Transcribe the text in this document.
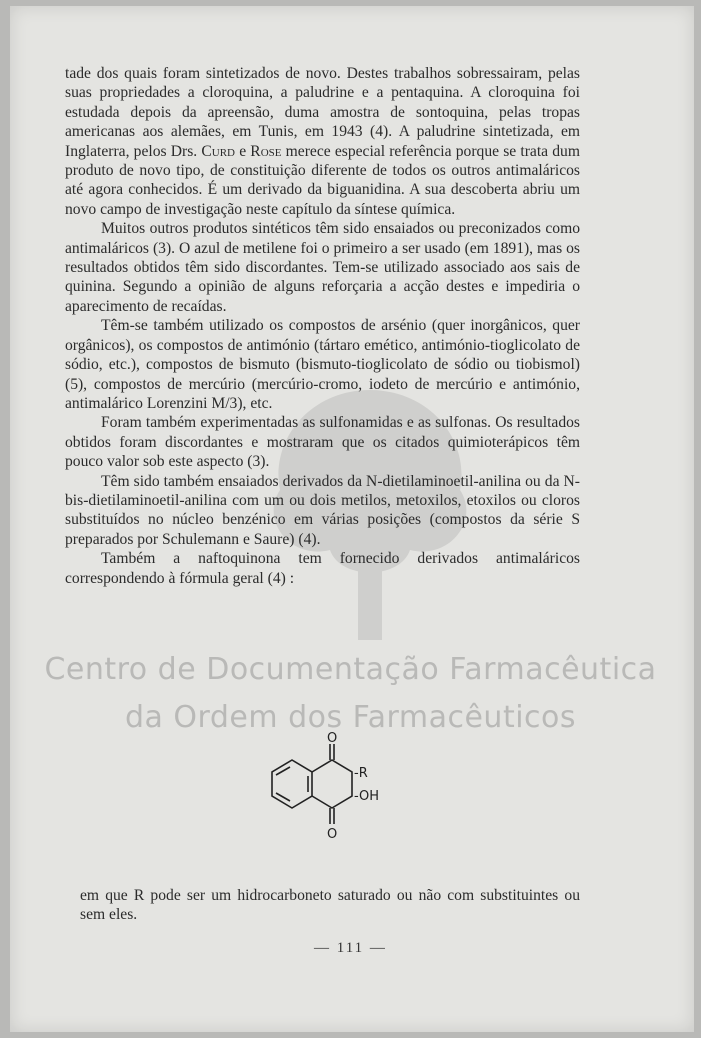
Centro de Documentação Farmacêutica
da Ordem dos Farmacêuticos

tade dos quais foram sintetizados de novo. Destes trabalhos sobressairam, pelas suas propriedades a cloroquina, a paludrine e a pentaquina. A cloroquina foi estudada depois da apreensão, duma amostra de sontoquina, pelas tropas americanas aos alemães, em Tunis, em 1943 (4). A paludrine sintetizada, em Inglaterra, pelos Drs. Curd e Rose merece especial referência porque se trata dum produto de novo tipo, de constituição diferente de todos os outros antimaláricos até agora conhecidos. É um derivado da biguanidina. A sua descoberta abriu um novo campo de investigação neste capítulo da síntese química.

Muitos outros produtos sintéticos têm sido ensaiados ou preconizados como antimaláricos (3). O azul de metilene foi o primeiro a ser usado (em 1891), mas os resultados obtidos têm sido discordantes. Tem-se utilizado associado aos sais de quinina. Segundo a opinião de alguns reforçaria a acção destes e impediria o aparecimento de recaídas.

Têm-se também utilizado os compostos de arsénio (quer inorgânicos, quer orgânicos), os compostos de antimónio (tártaro emético, antimónio-tioglicolato de sódio, etc.), compostos de bismuto (bismuto-tioglicolato de sódio ou tiobismol) (5), compostos de mercúrio (mercúrio-cromo, iodeto de mercúrio e antimónio, antimalárico Lorenzini M/3), etc.

Foram também experimentadas as sulfonamidas e as sulfonas. Os resultados obtidos foram discordantes e mostraram que os citados quimioterápicos têm pouco valor sob este aspecto (3).

Têm sido também ensaiados derivados da N-dietilaminoetil-anilina ou da N-bis-dietilaminoetil-anilina com um ou dois metilos, metoxilos, etoxilos ou cloros substituídos no núcleo benzénico em várias posições (compostos da série S preparados por Schulemann e Saure) (4).

Também a naftoquinona tem fornecido derivados antimaláricos correspondendo à fórmula geral (4) :

O
O
-R
-OH

em que R pode ser um hidrocarboneto saturado ou não com substituintes ou sem eles.

— 111 —
